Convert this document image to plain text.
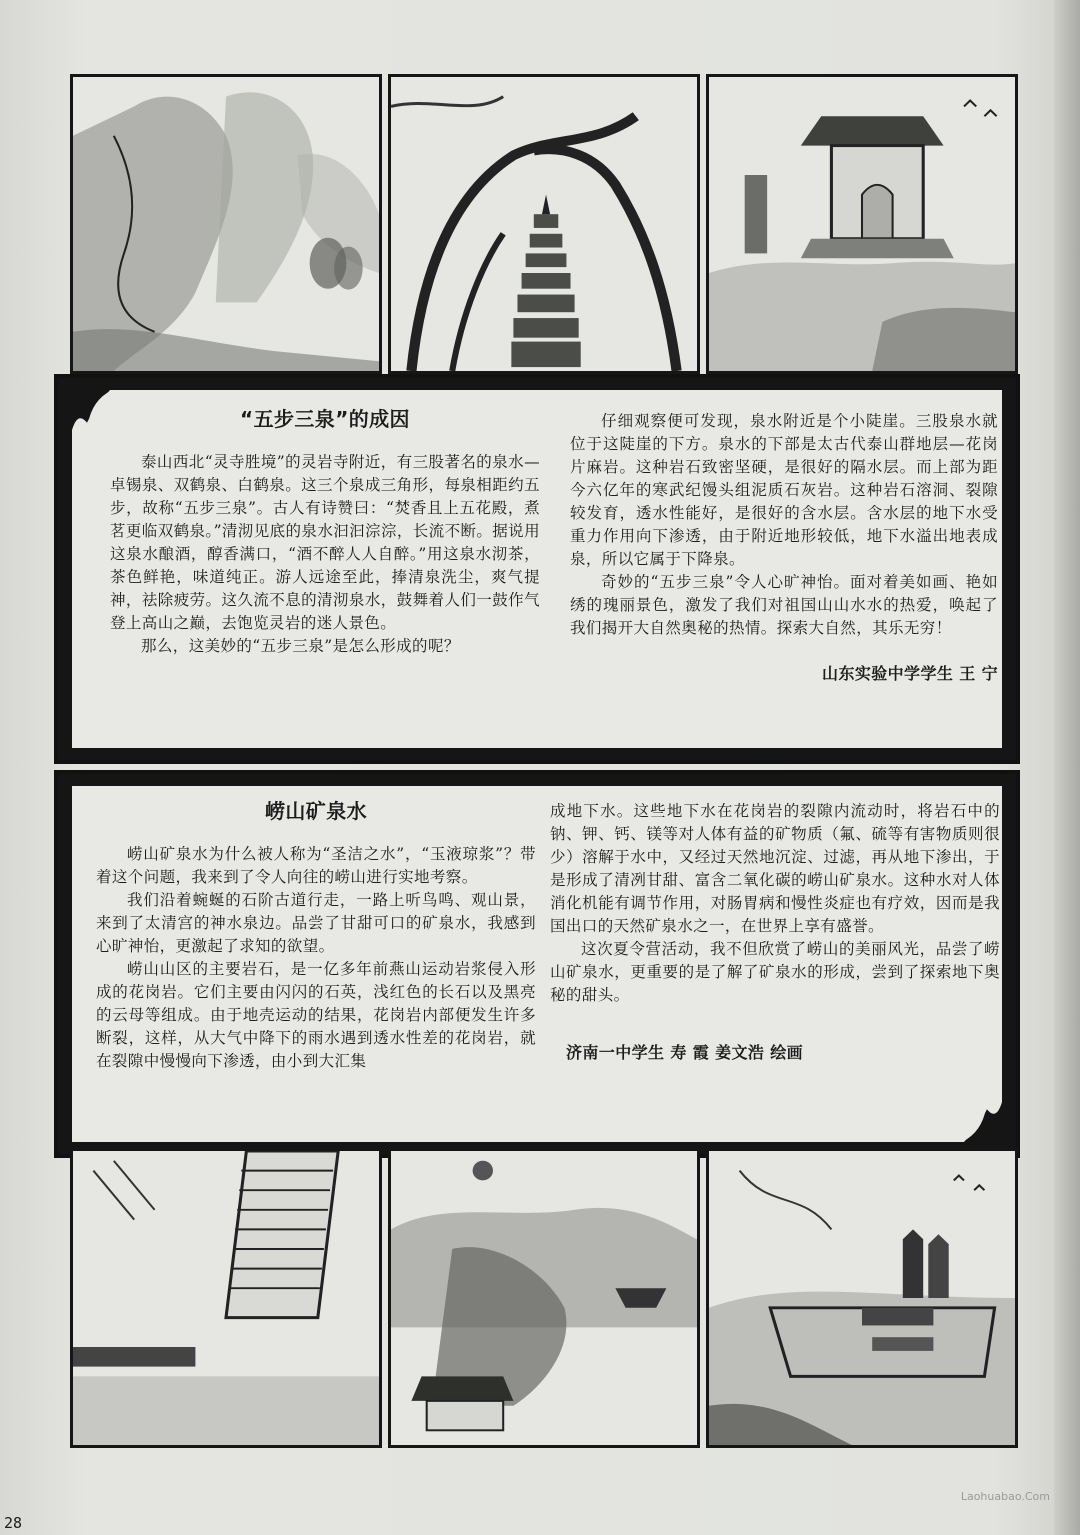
“五步三泉”的成因

泰山西北“灵寺胜境”的灵岩寺附近，有三股著名的泉水—卓锡泉、双鹤泉、白鹤泉。这三个泉成三角形，每泉相距约五步，故称“五步三泉”。古人有诗赞曰：“焚香且上五花殿，煮茗更临双鹤泉。”清沏见底的泉水汩汩淙淙，长流不断。据说用这泉水酿酒，醇香满口，“酒不醉人人自醉。”用这泉水沏茶，茶色鲜艳，味道纯正。游人远途至此，捧清泉洗尘，爽气提神，祛除疲劳。这久流不息的清沏泉水，鼓舞着人们一鼓作气登上高山之巅，去饱览灵岩的迷人景色。

那么，这美妙的“五步三泉”是怎么形成的呢？

仔细观察便可发现，泉水附近是个小陡崖。三股泉水就位于这陡崖的下方。泉水的下部是太古代泰山群地层—花岗片麻岩。这种岩石致密坚硬，是很好的隔水层。而上部为距今六亿年的寒武纪馒头组泥质石灰岩。这种岩石溶洞、裂隙较发育，透水性能好，是很好的含水层。含水层的地下水受重力作用向下渗透，由于附近地形较低，地下水溢出地表成泉，所以它属于下降泉。

奇妙的“五步三泉”令人心旷神怡。面对着美如画、艳如绣的瑰丽景色，激发了我们对祖国山山水水的热爱，唤起了我们揭开大自然奥秘的热情。探索大自然，其乐无穷！

山东实验中学学生 王 宁
崂山矿泉水

崂山矿泉水为什么被人称为“圣洁之水”，“玉液琼浆”？带着这个问题，我来到了令人向往的崂山进行实地考察。

我们沿着蜿蜒的石阶古道行走，一路上听鸟鸣、观山景，来到了太清宫的神水泉边。品尝了甘甜可口的矿泉水，我感到心旷神怡，更激起了求知的欲望。

崂山山区的主要岩石，是一亿多年前燕山运动岩浆侵入形成的花岗岩。它们主要由闪闪的石英，浅红色的长石以及黑亮的云母等组成。由于地壳运动的结果，花岗岩内部便发生许多断裂，这样，从大气中降下的雨水遇到透水性差的花岗岩，就在裂隙中慢慢向下渗透，由小到大汇集

成地下水。这些地下水在花岗岩的裂隙内流动时，将岩石中的钠、钾、钙、镁等对人体有益的矿物质（氟、硫等有害物质则很少）溶解于水中，又经过天然地沉淀、过滤，再从地下渗出，于是形成了清冽甘甜、富含二氧化碳的崂山矿泉水。这种水对人体消化机能有调节作用，对肠胃病和慢性炎症也有疗效，因而是我国出口的天然矿泉水之一，在世界上享有盛誉。

这次夏令营活动，我不但欣赏了崂山的美丽风光，品尝了崂山矿泉水，更重要的是了解了矿泉水的形成，尝到了探索地下奥秘的甜头。

济南一中学生 寿 霞 姜文浩 绘画
28
Laohuabao.Com
